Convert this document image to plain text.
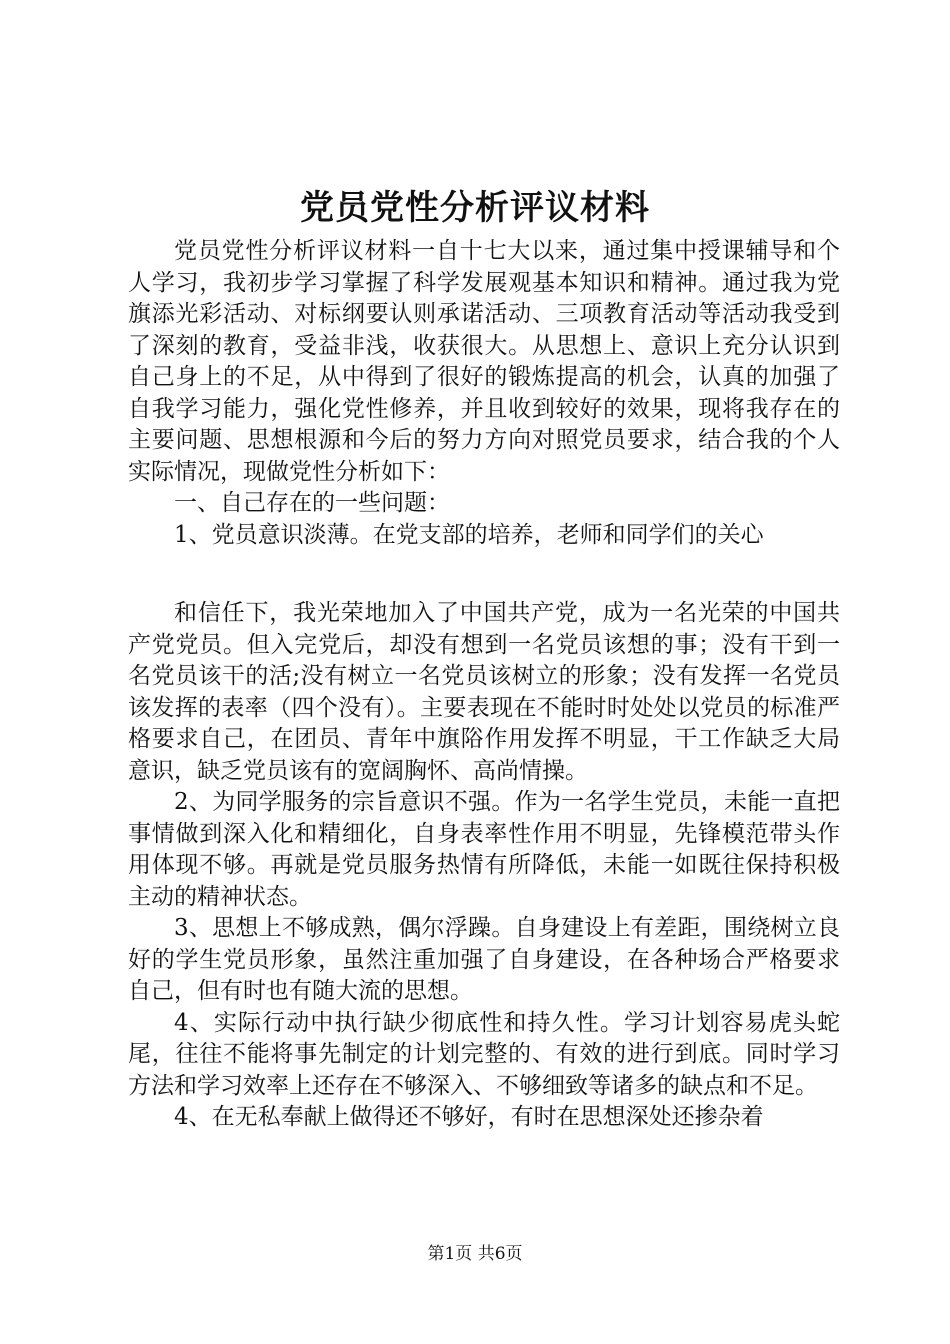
党员党性分析评议材料

党员党性分析评议材料一自十七大以来，通过集中授课辅导和个人学习，我初步学习掌握了科学发展观基本知识和精神。通过我为党旗添光彩活动、对标纲要认则承诺活动、三项教育活动等活动我受到了深刻的教育，受益非浅，收获很大。从思想上、意识上充分认识到自己身上的不足，从中得到了很好的锻炼提高的机会，认真的加强了自我学习能力，强化党性修养，并且收到较好的效果，现将我存在的主要问题、思想根源和今后的努力方向对照党员要求，结合我的个人实际情况，现做党性分析如下：

一、自己存在的一些问题：

1、党员意识淡薄。在党支部的培养，老师和同学们的关心

和信任下，我光荣地加入了中国共产党，成为一名光荣的中国共产党党员。但入完党后，却没有想到一名党员该想的事；没有干到一名党员该干的活;没有树立一名党员该树立的形象；没有发挥一名党员该发挥的表率（四个没有）。主要表现在不能时时处处以党员的标准严格要求自己，在团员、青年中旗䧍作用发挥不明显，干工作缺乏大局意识，缺乏党员该有的宽阔胸怀、高尚情操。

2、为同学服务的宗旨意识不强。作为一名学生党员，未能一直把事情做到深入化和精细化，自身表率性作用不明显，先锋模范带头作用体现不够。再就是党员服务热情有所降低，未能一如既往保持积极主动的精神状态。

3、思想上不够成熟，偶尔浮躁。自身建设上有差距，围绕树立良好的学生党员形象，虽然注重加强了自身建设，在各种场合严格要求自己，但有时也有随大流的思想。

4、实际行动中执行缺少彻底性和持久性。学习计划容易虎头蛇尾，往往不能将事先制定的计划完整的、有效的进行到底。同时学习方法和学习效率上还存在不够深入、不够细致等诸多的缺点和不足。

4、在无私奉献上做得还不够好，有时在思想深处还掺杂着

第1页 共6页
